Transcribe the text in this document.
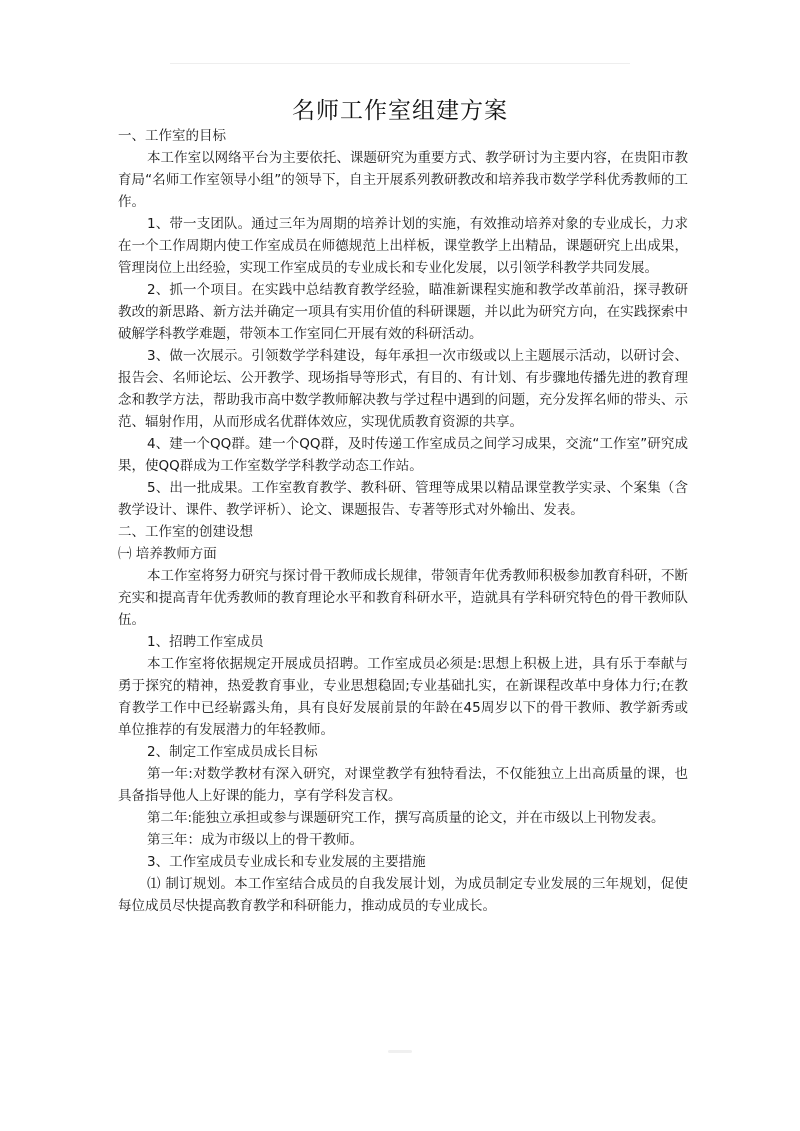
名师工作室组建方案

一、工作室的目标

本工作室以网络平台为主要依托、课题研究为重要方式、教学研讨为主要内容，在贵阳市教育局“名师工作室领导小组”的领导下，自主开展系列教研教改和培养我市数学学科优秀教师的工作。

1、带一支团队。通过三年为周期的培养计划的实施，有效推动培养对象的专业成长，力求在一个工作周期内使工作室成员在师德规范上出样板，课堂教学上出精品，课题研究上出成果，管理岗位上出经验，实现工作室成员的专业成长和专业化发展，以引领学科教学共同发展。

2、抓一个项目。在实践中总结教育教学经验，瞄准新课程实施和教学改革前沿，探寻教研教改的新思路、新方法并确定一项具有实用价值的科研课题，并以此为研究方向，在实践探索中破解学科教学难题，带领本工作室同仁开展有效的科研活动。

3、做一次展示。引领数学学科建设，每年承担一次市级或以上主题展示活动，以研讨会、报告会、名师论坛、公开教学、现场指导等形式，有目的、有计划、有步骤地传播先进的教育理念和教学方法，帮助我市高中数学教师解决教与学过程中遇到的问题，充分发挥名师的带头、示范、辐射作用，从而形成名优群体效应，实现优质教育资源的共享。

4、建一个QQ群。建一个QQ群，及时传递工作室成员之间学习成果，交流“工作室”研究成果，使QQ群成为工作室数学学科教学动态工作站。

5、出一批成果。工作室教育教学、教科研、管理等成果以精品课堂教学实录、个案集（含教学设计、课件、教学评析）、论文、课题报告、专著等形式对外输出、发表。

二、工作室的创建设想

㈠ 培养教师方面

本工作室将努力研究与探讨骨干教师成长规律，带领青年优秀教师积极参加教育科研，不断充实和提高青年优秀教师的教育理论水平和教育科研水平，造就具有学科研究特色的骨干教师队伍。

1、招聘工作室成员

本工作室将依据规定开展成员招聘。工作室成员必须是:思想上积极上进，具有乐于奉献与勇于探究的精神，热爱教育事业，专业思想稳固;专业基础扎实，在新课程改革中身体力行;在教育教学工作中已经崭露头角，具有良好发展前景的年龄在45周岁以下的骨干教师、教学新秀或单位推荐的有发展潜力的年轻教师。

2、制定工作室成员成长目标

第一年:对数学教材有深入研究，对课堂教学有独特看法，不仅能独立上出高质量的课，也具备指导他人上好课的能力，享有学科发言权。

第二年:能独立承担或参与课题研究工作，撰写高质量的论文，并在市级以上刊物发表。

第三年：成为市级以上的骨干教师。

3、工作室成员专业成长和专业发展的主要措施

⑴ 制订规划。本工作室结合成员的自我发展计划，为成员制定专业发展的三年规划，促使每位成员尽快提高教育教学和科研能力，推动成员的专业成长。
